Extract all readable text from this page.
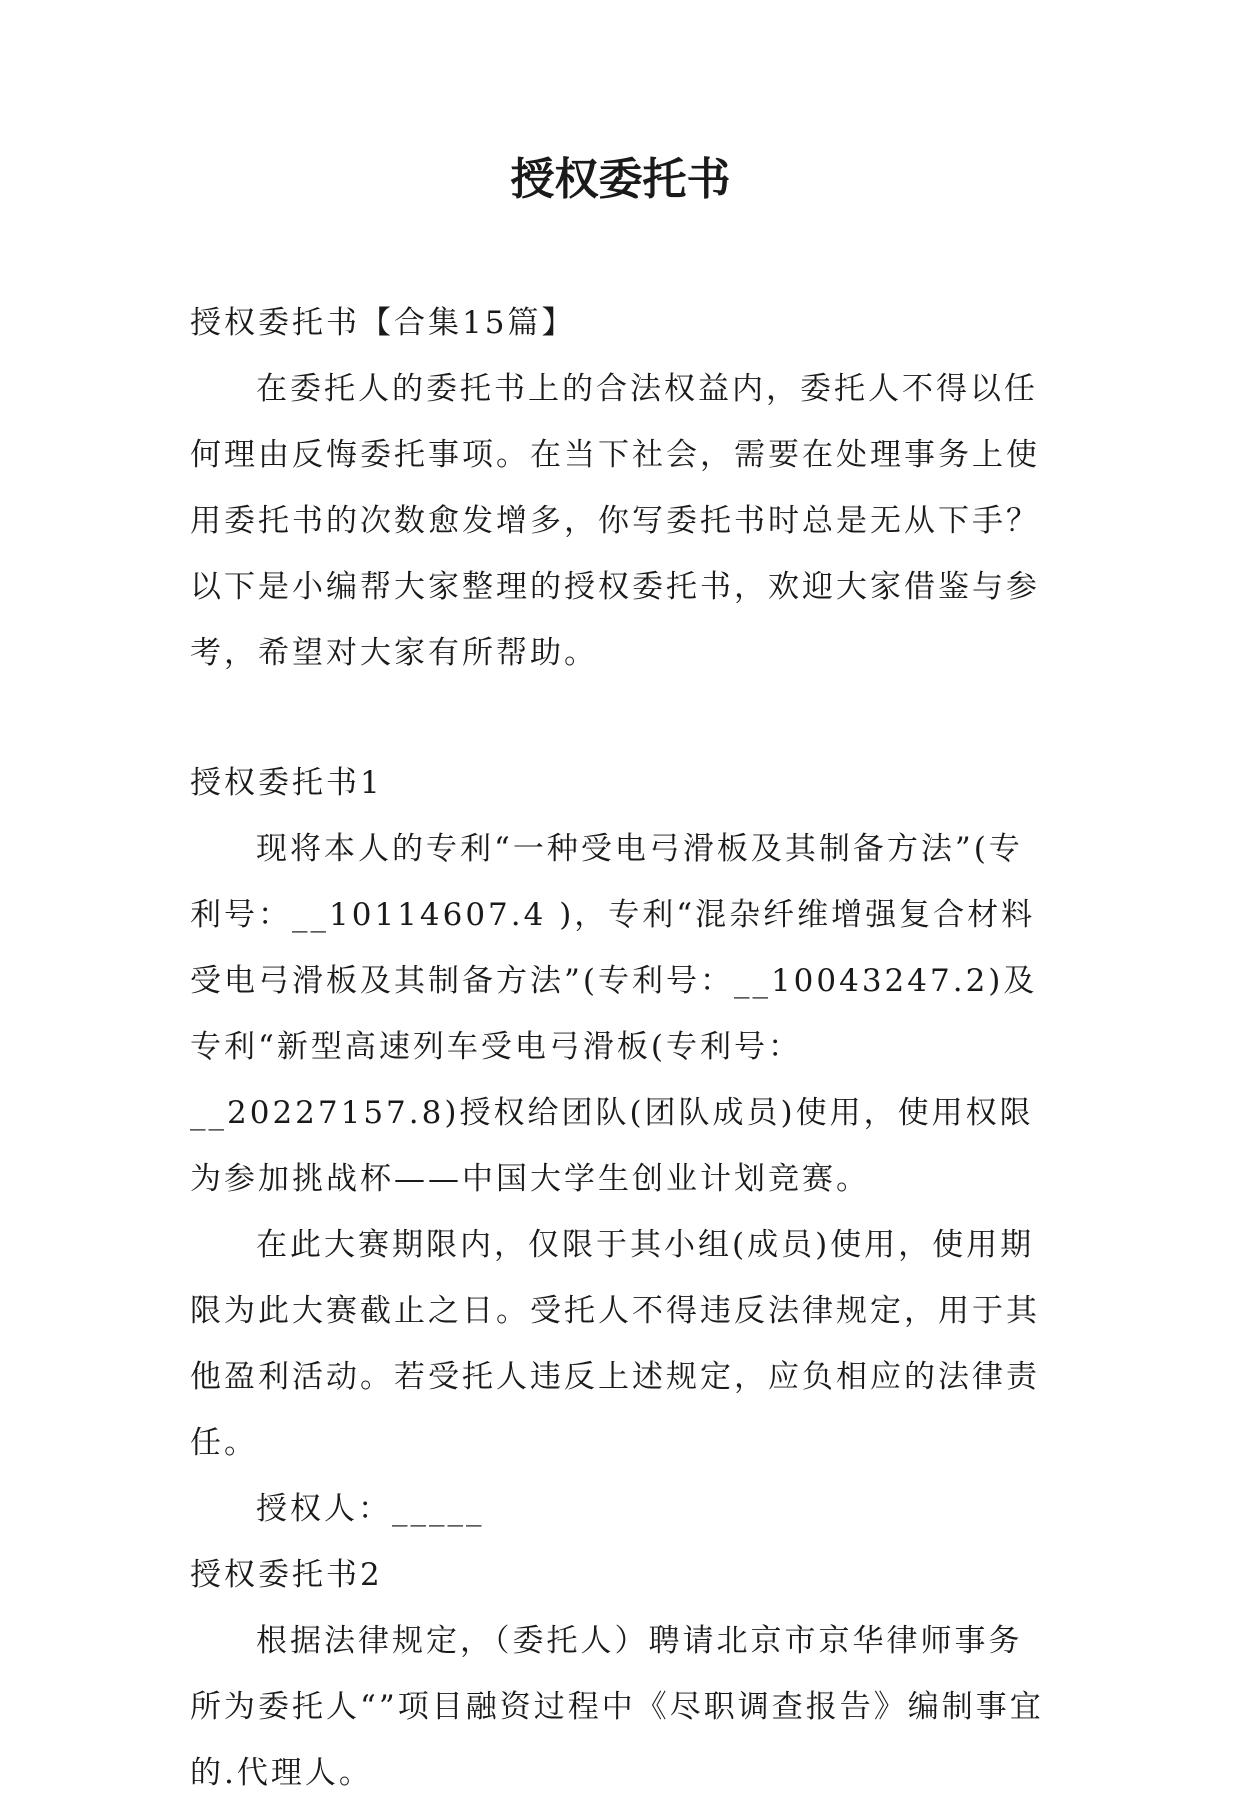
授权委托书

授权委托书【合集15篇】

在委托人的委托书上的合法权益内，委托人不得以任何理由反悔委托事项。在当下社会，需要在处理事务上使用委托书的次数愈发增多，你写委托书时总是无从下手？以下是小编帮大家整理的授权委托书，欢迎大家借鉴与参考，希望对大家有所帮助。

授权委托书1

现将本人的专利“一种受电弓滑板及其制备方法”(专利号：__10114607.4 )，专利“混杂纤维增强复合材料受电弓滑板及其制备方法”(专利号：__10043247.2)及专利“新型高速列车受电弓滑板(专利号：__20227157.8)授权给团队(团队成员)使用，使用权限为参加挑战杯——中国大学生创业计划竞赛。

在此大赛期限内，仅限于其小组(成员)使用，使用期限为此大赛截止之日。受托人不得违反法律规定，用于其他盈利活动。若受托人违反上述规定，应负相应的法律责任。

授权人：_____

授权委托书2

根据法律规定，（委托人）聘请北京市京华律师事务所为委托人“”项目融资过程中《尽职调查报告》编制事宜的.代理人。
